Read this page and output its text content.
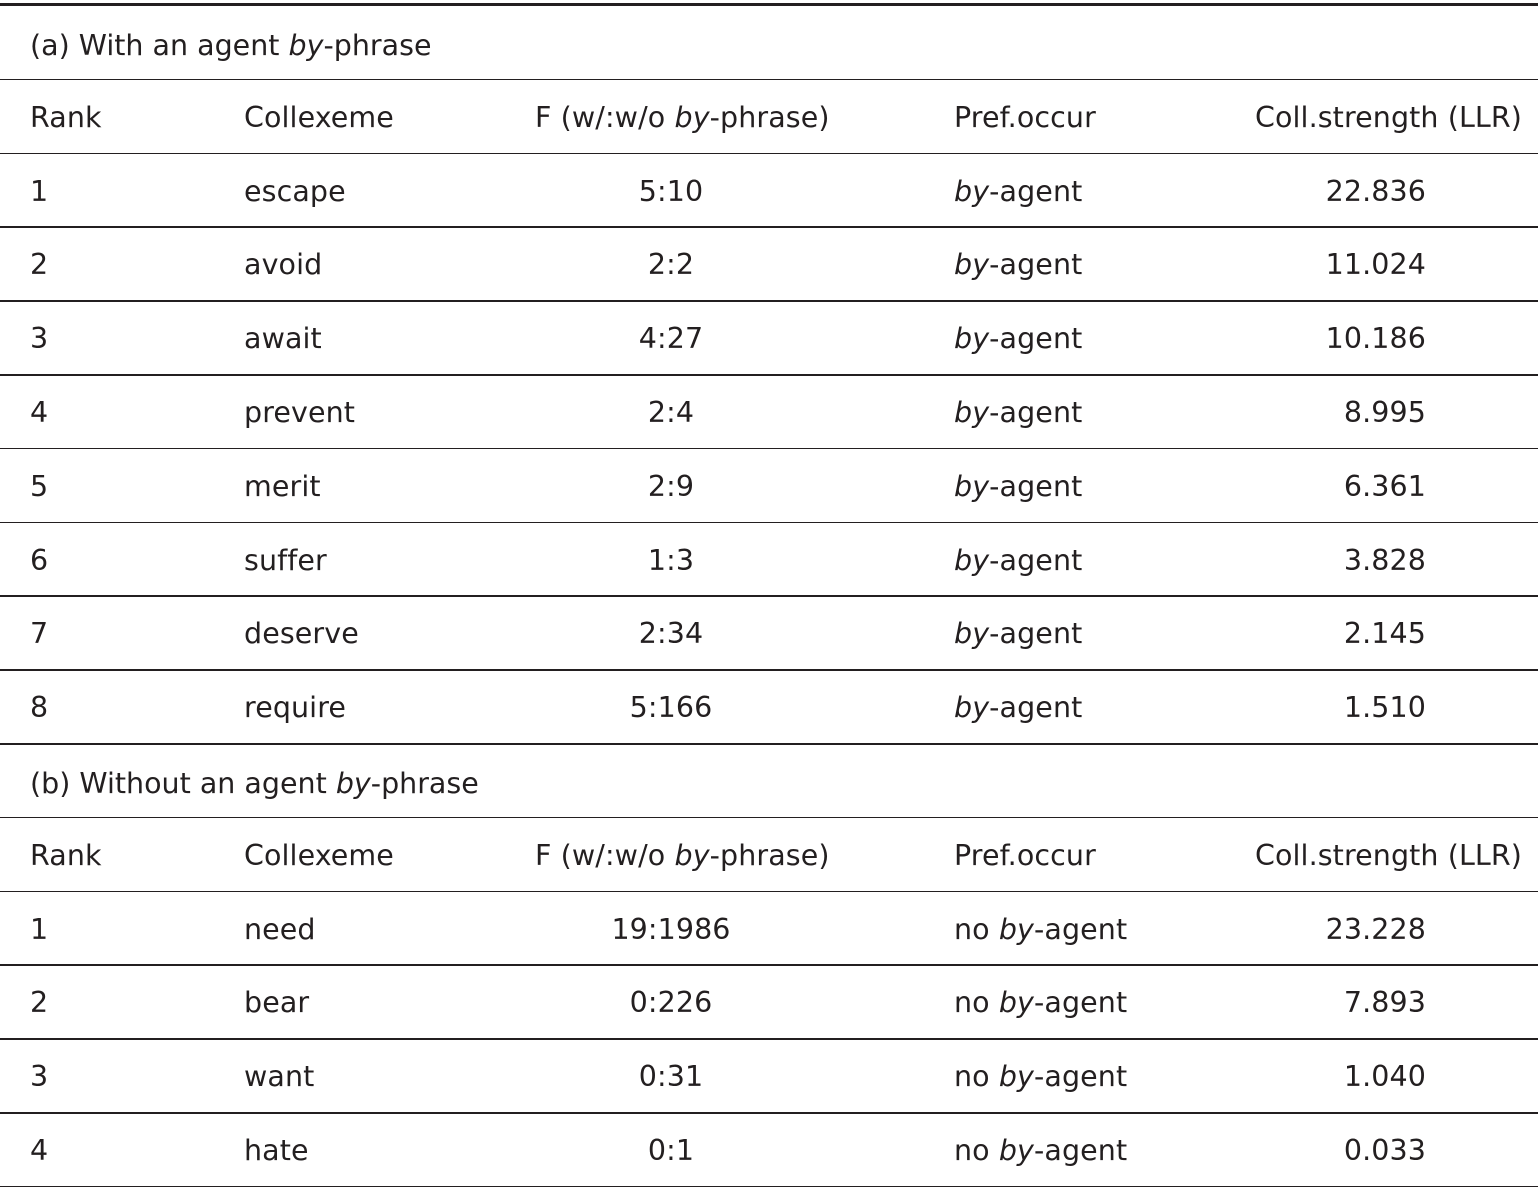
(a) With an agent by-phrase
Rank	Collexeme	F (w/:w/o by-phrase)	Pref.occur	Coll.strength (LLR)
1	escape	5:10	by-agent	22.836
2	avoid	2:2	by-agent	11.024
3	await	4:27	by-agent	10.186
4	prevent	2:4	by-agent	8.995
5	merit	2:9	by-agent	6.361
6	suffer	1:3	by-agent	3.828
7	deserve	2:34	by-agent	2.145
8	require	5:166	by-agent	1.510
(b) Without an agent by-phrase
Rank	Collexeme	F (w/:w/o by-phrase)	Pref.occur	Coll.strength (LLR)
1	need	19:1986	no by-agent	23.228
2	bear	0:226	no by-agent	7.893
3	want	0:31	no by-agent	1.040
4	hate	0:1	no by-agent	0.033
